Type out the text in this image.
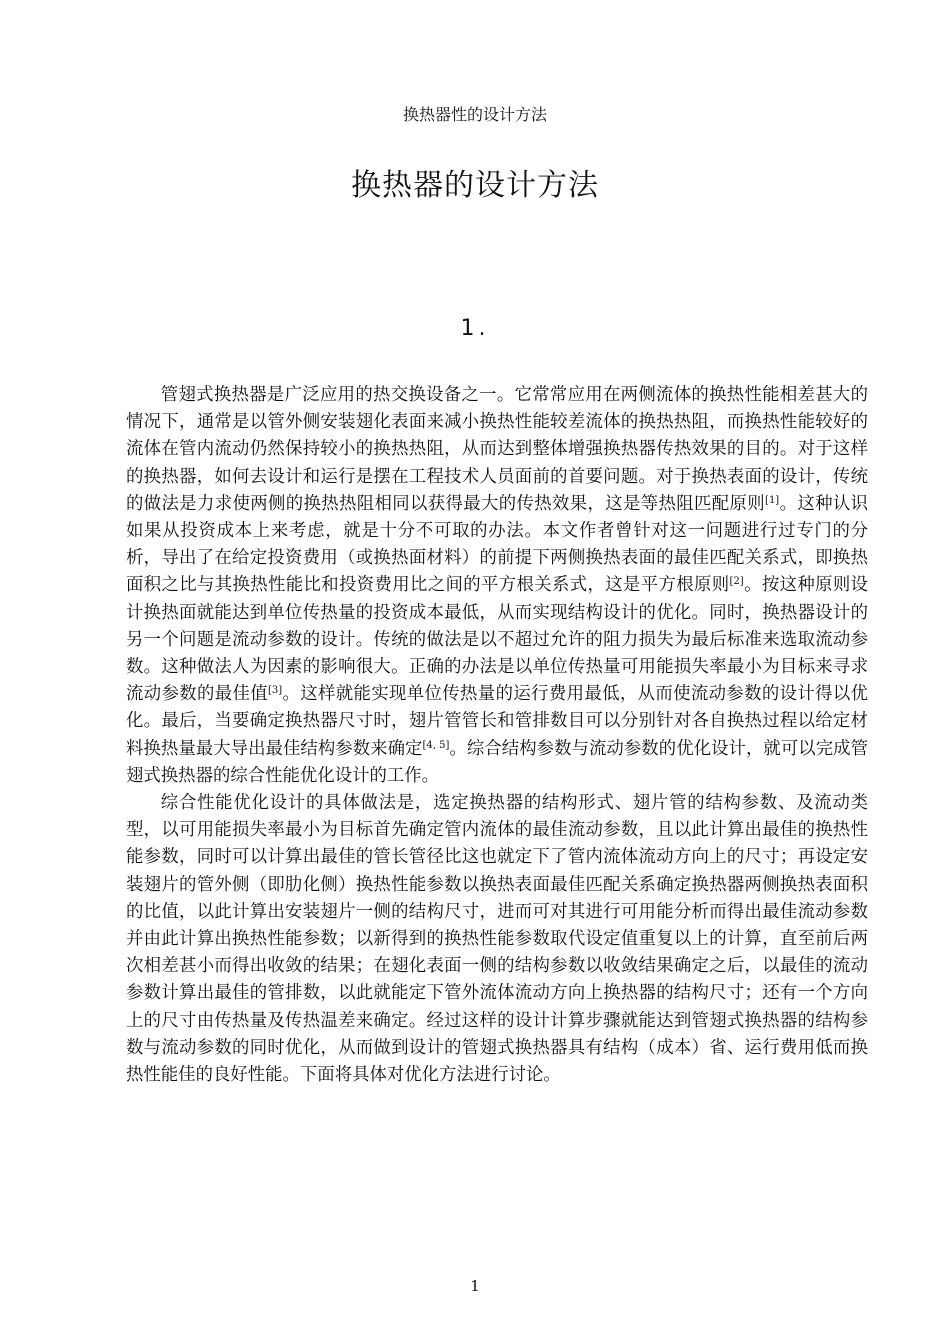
换热器性的设计方法
换热器的设计方法
1.

管翅式换热器是广泛应用的热交换设备之一。它常常应用在两侧流体的换热性能相差甚大的情况下，通常是以管外侧安装翅化表面来减小换热性能较差流体的换热热阻，而换热性能较好的流体在管内流动仍然保持较小的换热热阻，从而达到整体增强换热器传热效果的目的。对于这样的换热器，如何去设计和运行是摆在工程技术人员面前的首要问题。对于换热表面的设计，传统的做法是力求使两侧的换热热阻相同以获得最大的传热效果，这是等热阻匹配原则[1]。这种认识如果从投资成本上来考虑，就是十分不可取的办法。本文作者曾针对这一问题进行过专门的分析，导出了在给定投资费用（或换热面材料）的前提下两侧换热表面的最佳匹配关系式，即换热面积之比与其换热性能比和投资费用比之间的平方根关系式，这是平方根原则[2]。按这种原则设计换热面就能达到单位传热量的投资成本最低，从而实现结构设计的优化。同时，换热器设计的另一个问题是流动参数的设计。传统的做法是以不超过允许的阻力损失为最后标准来选取流动参数。这种做法人为因素的影响很大。正确的办法是以单位传热量可用能损失率最小为目标来寻求流动参数的最佳值[3]。这样就能实现单位传热量的运行费用最低，从而使流动参数的设计得以优化。最后，当要确定换热器尺寸时，翅片管管长和管排数目可以分别针对各自换热过程以给定材料换热量最大导出最佳结构参数来确定[4, 5]。综合结构参数与流动参数的优化设计，就可以完成管翅式换热器的综合性能优化设计的工作。

综合性能优化设计的具体做法是，选定换热器的结构形式、翅片管的结构参数、及流动类型，以可用能损失率最小为目标首先确定管内流体的最佳流动参数，且以此计算出最佳的换热性能参数，同时可以计算出最佳的管长管径比这也就定下了管内流体流动方向上的尺寸；再设定安装翅片的管外侧（即肋化侧）换热性能参数以换热表面最佳匹配关系确定换热器两侧换热表面积的比值，以此计算出安装翅片一侧的结构尺寸，进而可对其进行可用能分析而得出最佳流动参数并由此计算出换热性能参数；以新得到的换热性能参数取代设定值重复以上的计算，直至前后两次相差甚小而得出收敛的结果；在翅化表面一侧的结构参数以收敛结果确定之后，以最佳的流动参数计算出最佳的管排数，以此就能定下管外流体流动方向上换热器的结构尺寸；还有一个方向上的尺寸由传热量及传热温差来确定。经过这样的设计计算步骤就能达到管翅式换热器的结构参数与流动参数的同时优化，从而做到设计的管翅式换热器具有结构（成本）省、运行费用低而换热性能佳的良好性能。下面将具体对优化方法进行讨论。

1
